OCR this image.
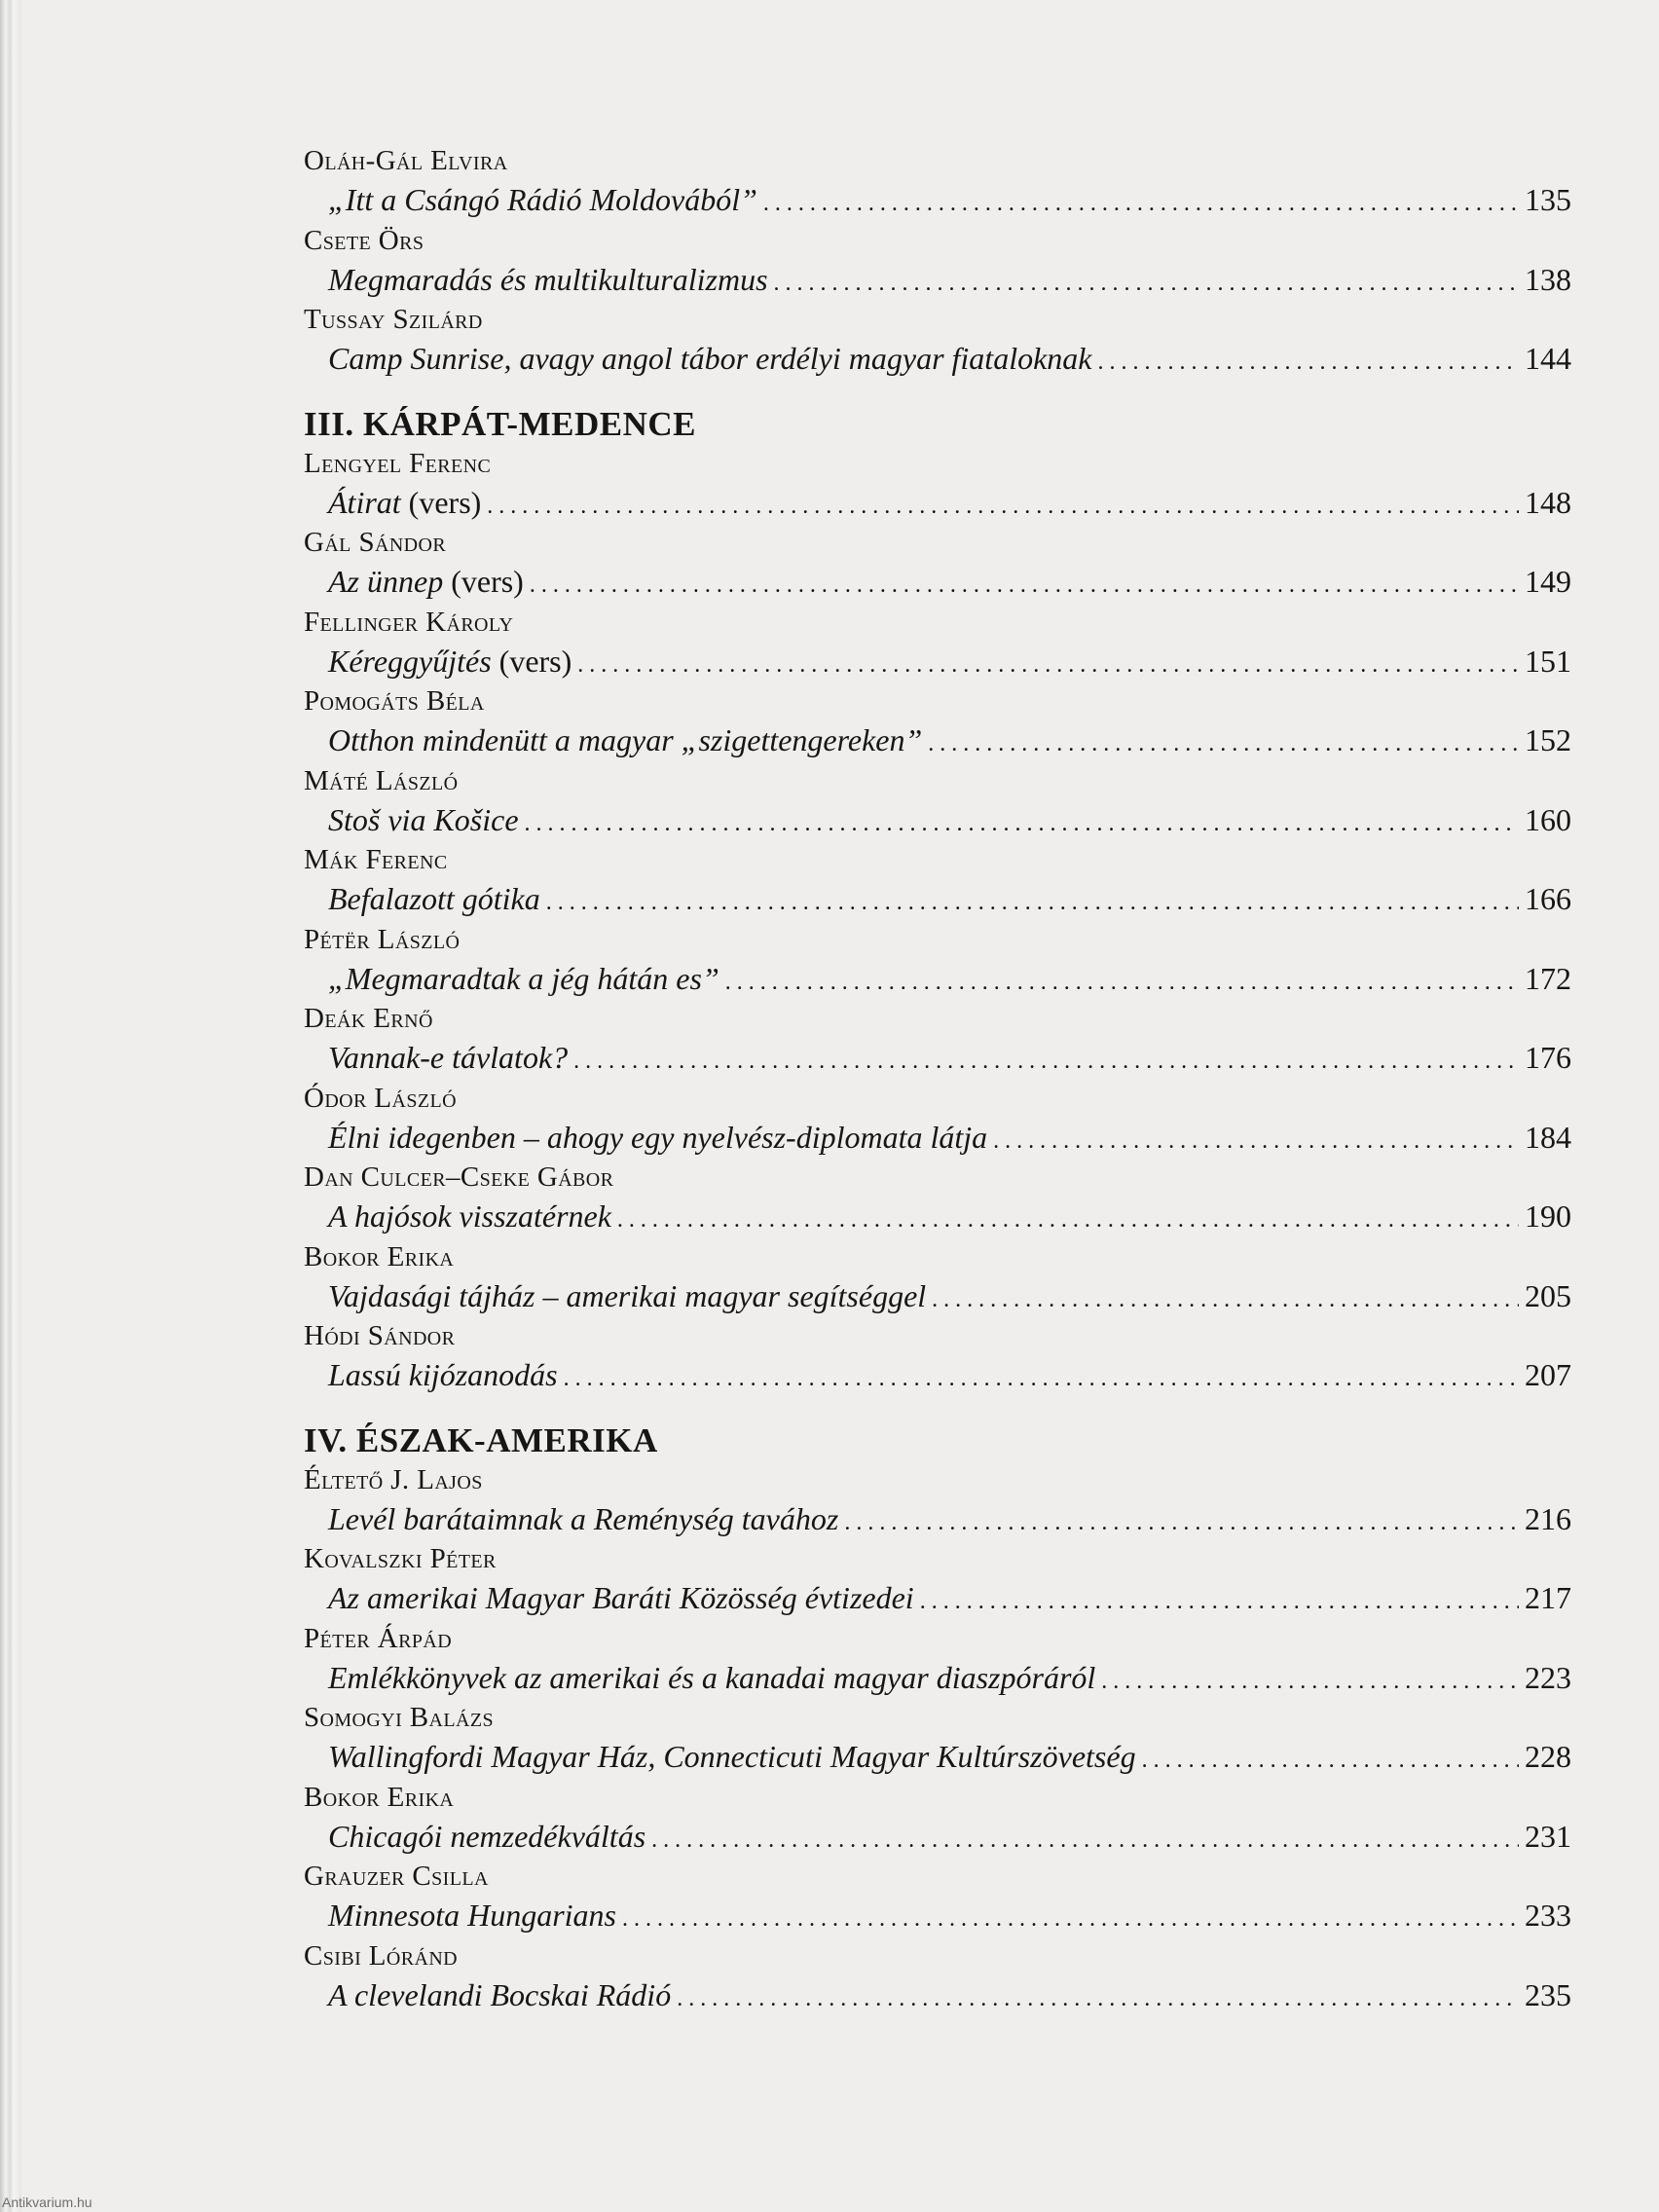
Oláh-Gál Elvira
„Itt a Csángó Rádió Moldovából” . . .	135
Csete Örs
Megmaradás és multikulturalizmus . . .	138
Tussay Szilárd
Camp Sunrise, avagy angol tábor erdélyi magyar fiataloknak . . .	144
III. KÁRPÁT-MEDENCE
Lengyel Ferenc
Átirat (vers) . . .	148
Gál Sándor
Az ünnep (vers) . . .	149
Fellinger Károly
Kéreggyűjtés (vers) . . .	151
Pomogáts Béla
Otthon mindenütt a magyar „szigettengereken” . . .	152
Máté László
Stoš via Košice . . .	160
Mák Ferenc
Befalazott gótika . . .	166
Pétër László
„Megmaradtak a jég hátán es” . . .	172
Deák Ernő
Vannak-e távlatok? . . .	176
Ódor László
Élni idegenben – ahogy egy nyelvész-diplomata látja . . .	184
Dan Culcer–Cseke Gábor
A hajósok visszatérnek . . .	190
Bokor Erika
Vajdasági tájház – amerikai magyar segítséggel . . .	205
Hódi Sándor
Lassú kijózanodás . . .	207
IV. ÉSZAK-AMERIKA
Éltető J. Lajos
Levél barátaimnak a Reménység tavához . . .	216
Kovalszki Péter
Az amerikai Magyar Baráti Közösség évtizedei . . .	217
Péter Árpád
Emlékkönyvek az amerikai és a kanadai magyar diaszpóráról . . .	223
Somogyi Balázs
Wallingfordi Magyar Ház, Connecticuti Magyar Kultúrszövetség . . .	228
Bokor Erika
Chicagói nemzedékváltás . . .	231
Grauzer Csilla
Minnesota Hungarians . . .	233
Csibi Lóránd
A clevelandi Bocskai Rádió . . .	235
Antikvarium.hu
